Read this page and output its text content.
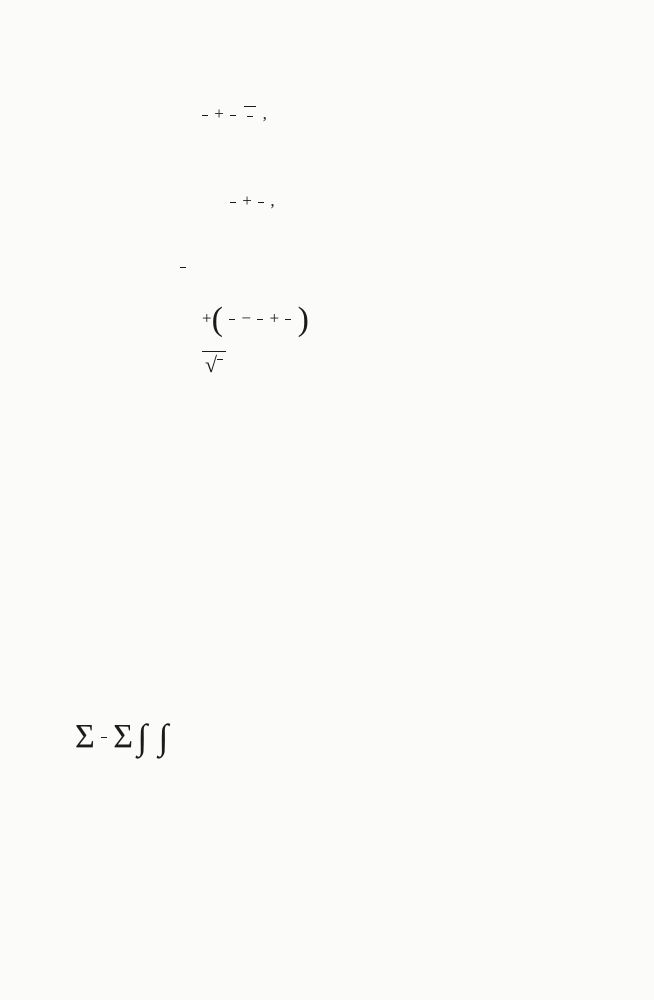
+
,
+ ,
+( − + )
√
Σ

Σ
∫

∫
